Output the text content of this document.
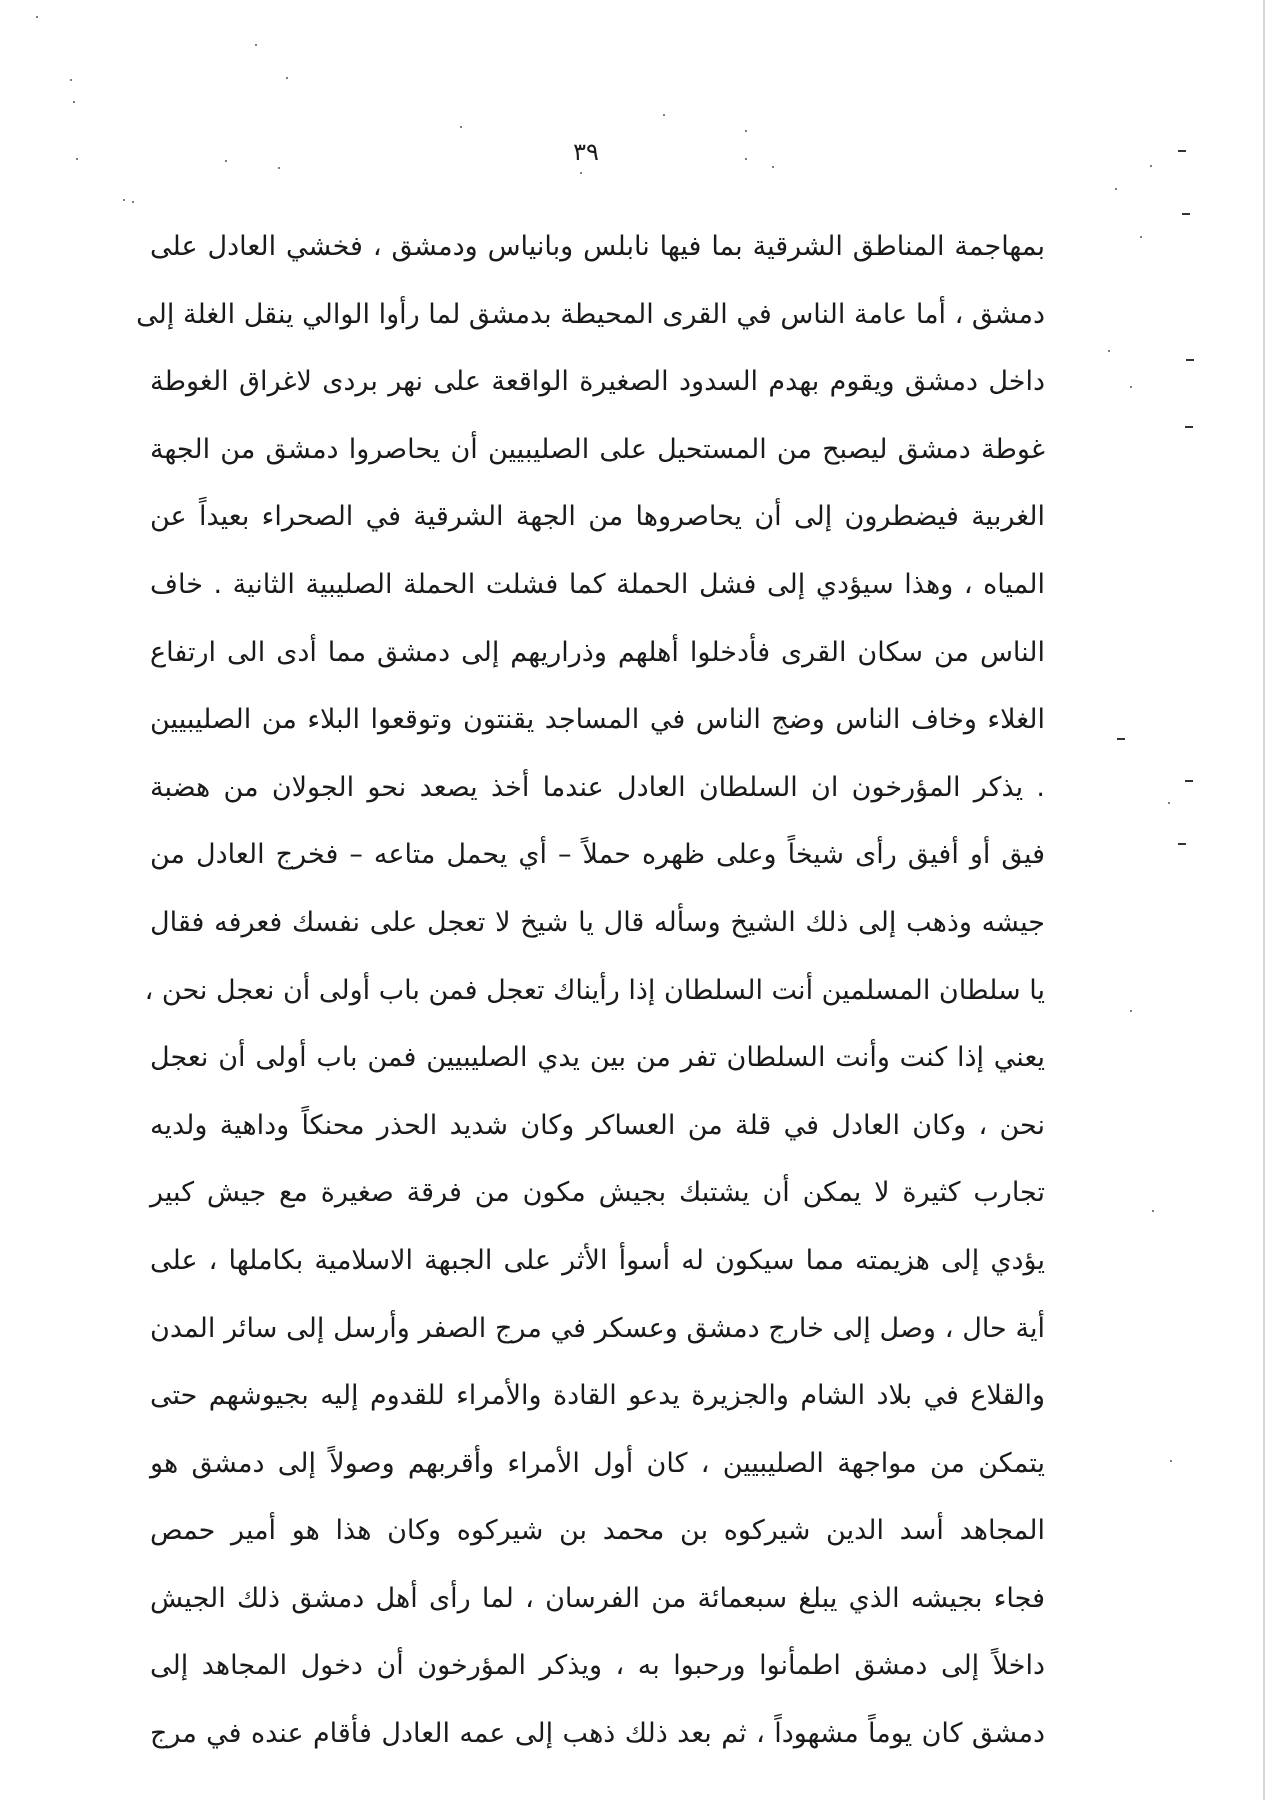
٣٩
بمهاجمة المناطق الشرقية بما فيها نابلس وبانياس ودمشق ، فخشي العادل على
دمشق ، أما عامة الناس في القرى المحيطة بدمشق لما رأوا الوالي ينقل الغلة إلى
داخل دمشق ويقوم بهدم السدود الصغيرة الواقعة على نهر بردى لاغراق الغوطة
غوطة دمشق ليصبح من المستحيل على الصليبيين أن يحاصروا دمشق من الجهة
الغربية فيضطرون إلى أن يحاصروها من الجهة الشرقية في الصحراء بعيداً عن
المياه ، وهذا سيؤدي إلى فشل الحملة كما فشلت الحملة الصليبية الثانية . خاف
الناس من سكان القرى فأدخلوا أهلهم وذراريهم إلى دمشق مما أدى الى ارتفاع
الغلاء وخاف الناس وضج الناس في المساجد يقنتون وتوقعوا البلاء من الصليبيين
. يذكر المؤرخون ان السلطان العادل عندما أخذ يصعد نحو الجولان من هضبة
فيق أو أفيق رأى شيخاً وعلى ظهره حملاً – أي يحمل متاعه – فخرج العادل من
جيشه وذهب إلى ذلك الشيخ وسأله قال يا شيخ لا تعجل على نفسك فعرفه فقال
يا سلطان المسلمين أنت السلطان إذا رأيناك تعجل فمن باب أولى أن نعجل نحن ،
يعني إذا كنت وأنت السلطان تفر من بين يدي الصليبيين فمن باب أولى أن نعجل
نحن ، وكان العادل في قلة من العساكر وكان شديد الحذر محنكاً وداهية ولديه
تجارب كثيرة لا يمكن أن يشتبك بجيش مكون من فرقة صغيرة مع جيش كبير
يؤدي إلى هزيمته مما سيكون له أسوأ الأثر على الجبهة الاسلامية بكاملها ، على
أية حال ، وصل إلى خارج دمشق وعسكر في مرج الصفر وأرسل إلى سائر المدن
والقلاع في بلاد الشام والجزيرة يدعو القادة والأمراء للقدوم إليه بجيوشهم حتى
يتمكن من مواجهة الصليبيين ، كان أول الأمراء وأقربهم وصولاً إلى دمشق هو
المجاهد أسد الدين شيركوه بن محمد بن شيركوه وكان هذا هو أمير حمص
فجاء بجيشه الذي يبلغ سبعمائة من الفرسان ، لما رأى أهل دمشق ذلك الجيش
داخلاً إلى دمشق اطمأنوا ورحبوا به ، ويذكر المؤرخون أن دخول المجاهد إلى
دمشق كان يوماً مشهوداً ، ثم بعد ذلك ذهب إلى عمه العادل فأقام عنده في مرج
